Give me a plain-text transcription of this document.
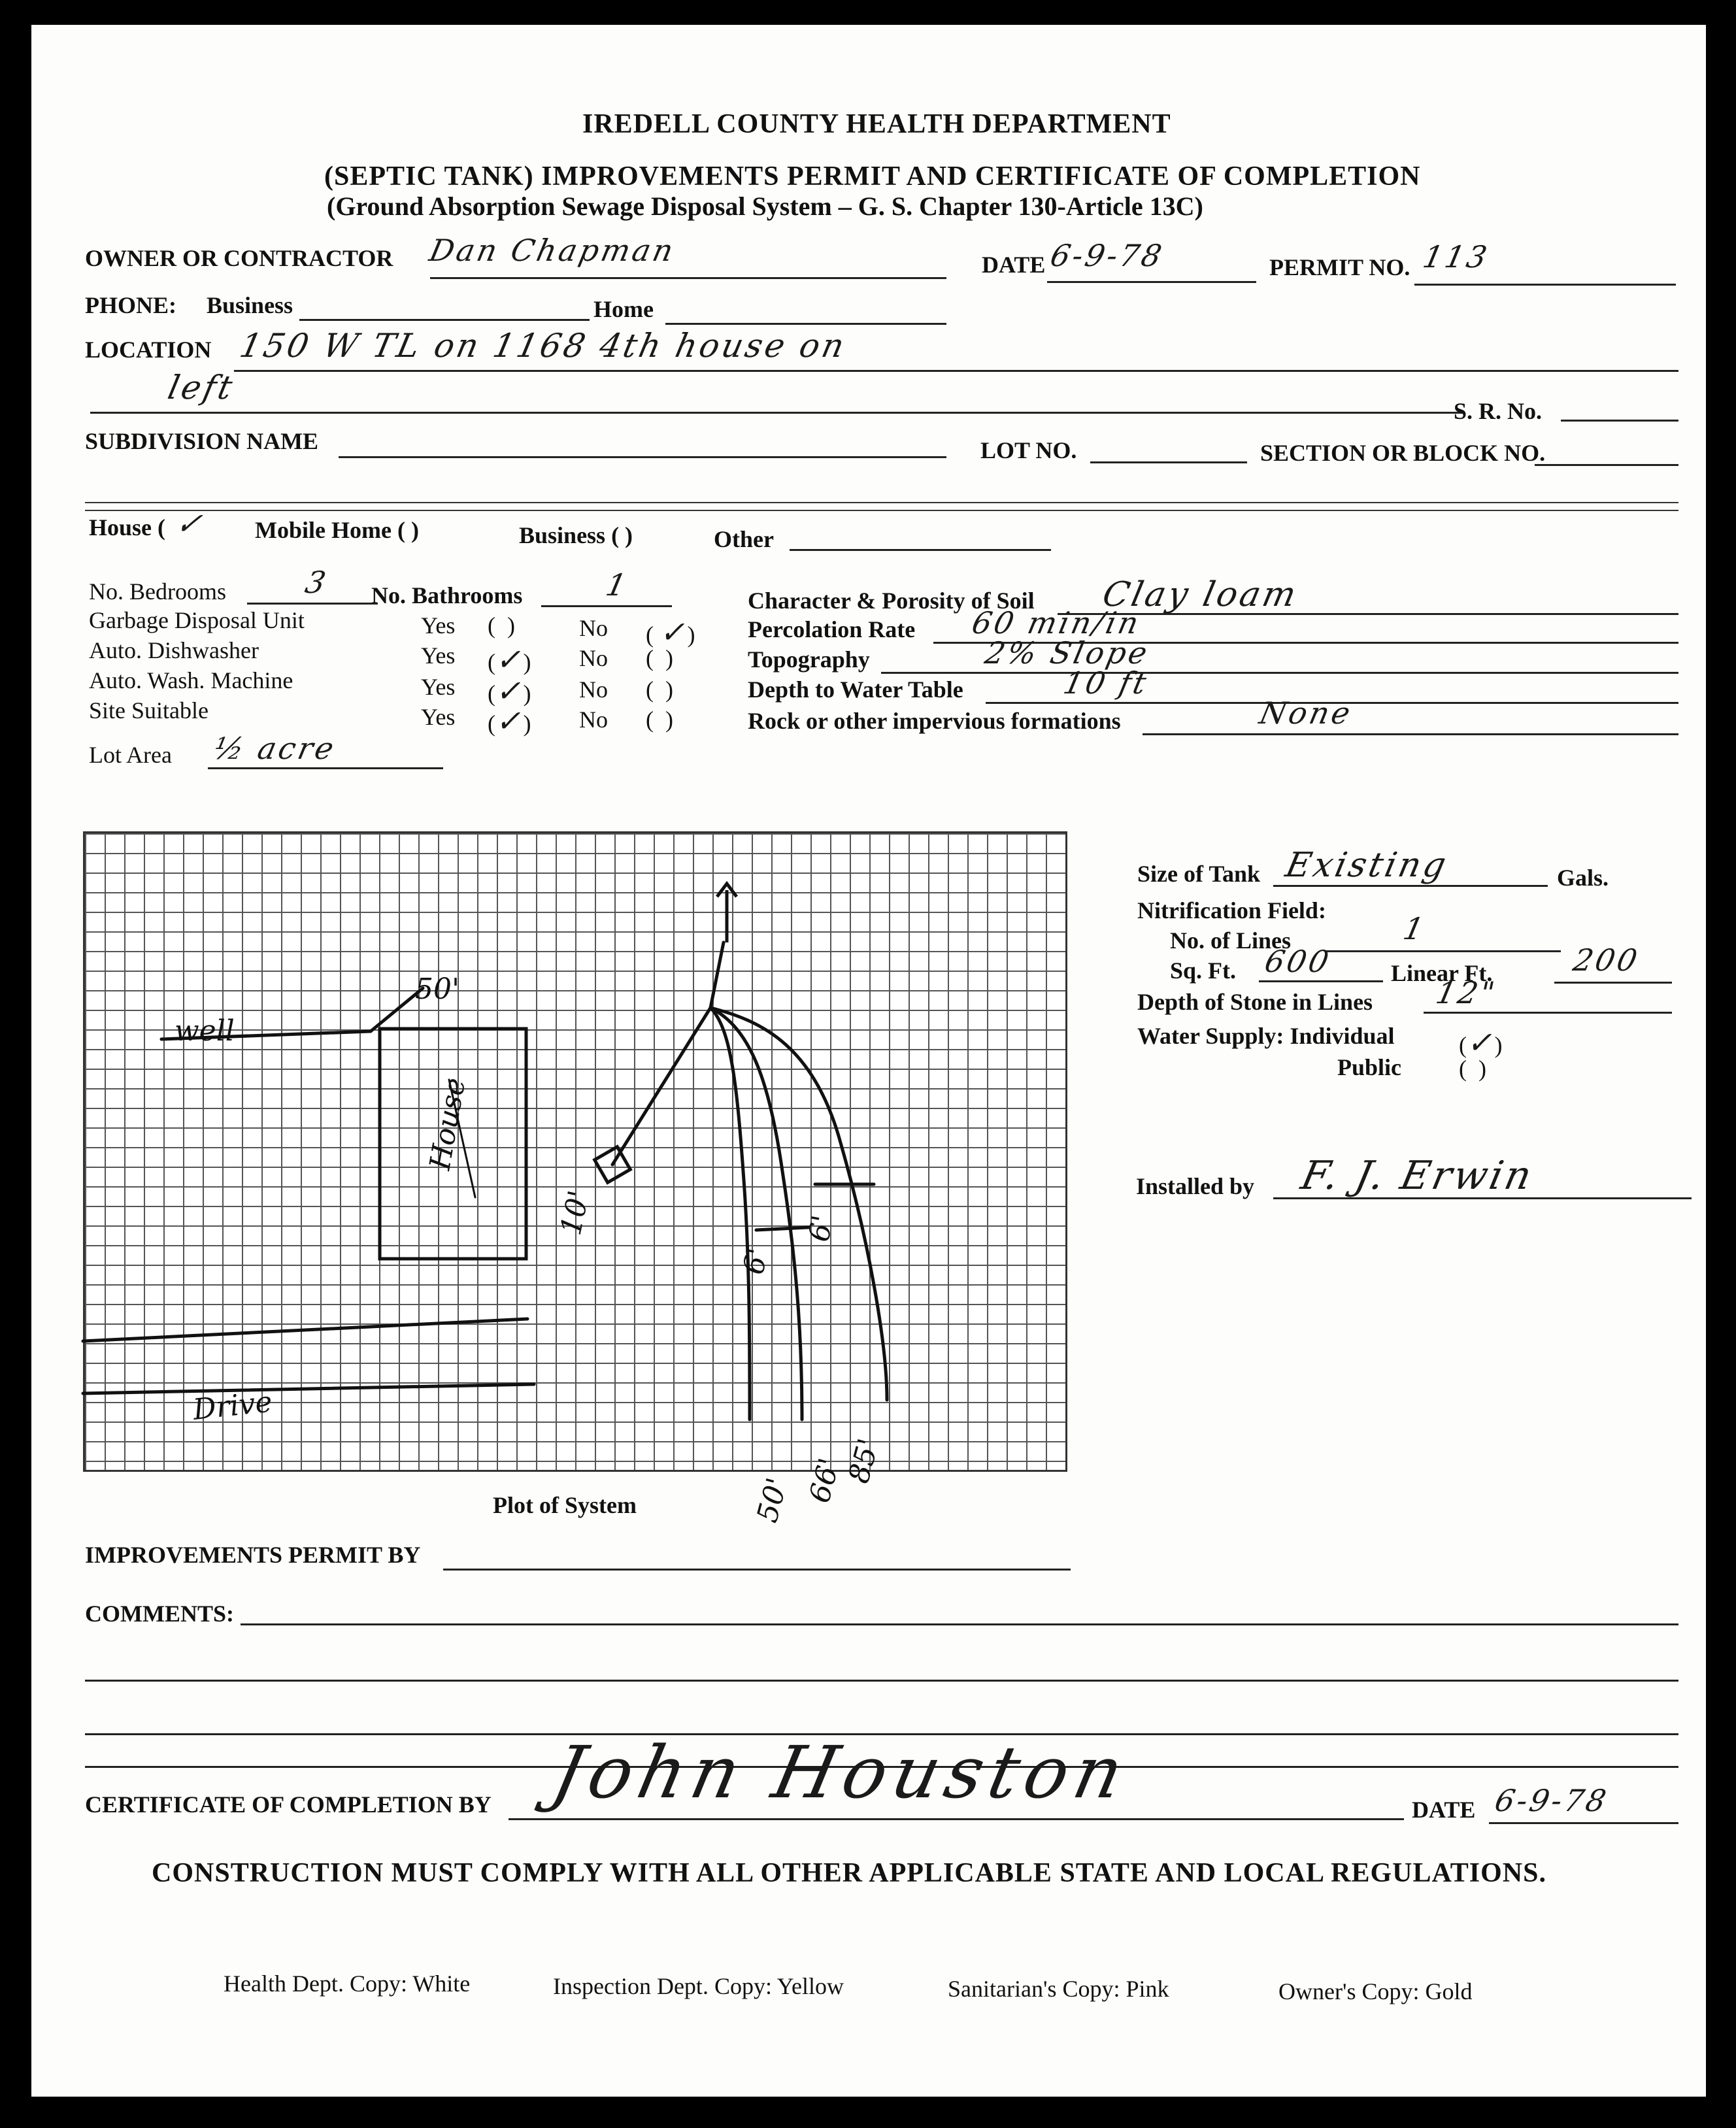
IREDELL COUNTY HEALTH DEPARTMENT
(SEPTIC TANK) IMPROVEMENTS PERMIT AND CERTIFICATE OF COMPLETION
(Ground Absorption Sewage Disposal System – G. S. Chapter 130-Article 13C)
OWNER OR CONTRACTOR Dan Chapman	DATE 6-9-78	PERMIT NO. 113
PHONE: Business	Home
LOCATION 150 W TL on 1168 4th house on
left
S. R. No.
SUBDIVISION NAME	LOT NO.	SECTION OR BLOCK NO.
House ( ✓ Mobile Home ( )	Business ( )	Other
No. Bedrooms	3 No. Bathrooms	1
Garbage Disposal Unit	Yes (  )	No ( ✓)
Auto. Dishwasher	Yes (✓) No (  )
Auto. Wash. Machine	Yes (✓) No (  )
Site Suitable	Yes (✓) No (  )
Lot Area ½ acre
Character & Porosity of Soil Clay loam
Percolation Rate 60 min/in
Topography	2% Slope
Depth to Water Table	10 ft
Rock or other impervious formations	None
House
Drive
well
50'
10'
6'
6'
85'
66'
50'
Plot of System
Size of Tank Existing	Gals.
Nitrification Field:
No. of Lines	1
Sq. Ft. 600 Linear Ft.	200
Depth of Stone in Lines 12"
Water Supply: Individual	(✓)
Public (  )
Installed by F. J. Erwin
IMPROVEMENTS PERMIT BY
COMMENTS:
CERTIFICATE OF COMPLETION BY John Houston	DATE 6-9-78
CONSTRUCTION MUST COMPLY WITH ALL OTHER APPLICABLE STATE AND LOCAL REGULATIONS.
Health Dept. Copy: White	Inspection Dept. Copy: Yellow	Sanitarian's Copy: Pink	Owner's Copy: Gold
